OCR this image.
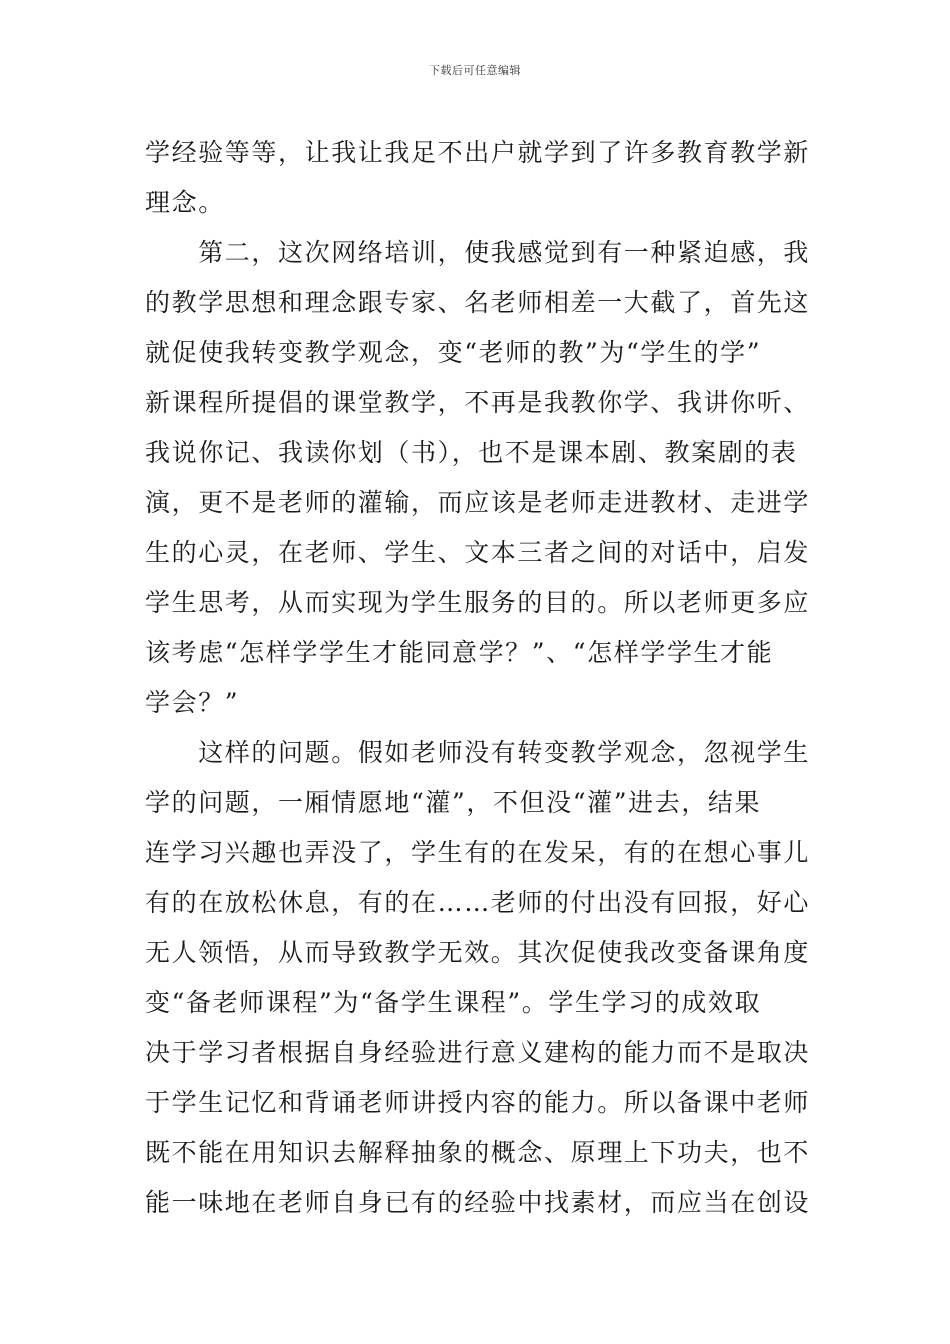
下载后可任意编辑
学经验等等，让我让我足不出户就学到了许多教育教学新
理念。
　　第二，这次网络培训，使我感觉到有一种紧迫感，我
的教学思想和理念跟专家、名老师相差一大截了，首先这
就促使我转变教学观念，变“老师的教”为“学生的学”
新课程所提倡的课堂教学，不再是我教你学、我讲你听、
我说你记、我读你划（书），也不是课本剧、教案剧的表
演，更不是老师的灌输，而应该是老师走进教材、走进学
生的心灵，在老师、学生、文本三者之间的对话中，启发
学生思考，从而实现为学生服务的目的。所以老师更多应
该考虑“怎样学学生才能同意学？”、“怎样学学生才能
学会？”
　　这样的问题。假如老师没有转变教学观念，忽视学生
学的问题，一厢情愿地“灌”，不但没“灌”进去，结果
连学习兴趣也弄没了，学生有的在发呆，有的在想心事儿
有的在放松休息，有的在……老师的付出没有回报，好心
无人领悟，从而导致教学无效。其次促使我改变备课角度
变“备老师课程”为“备学生课程”。学生学习的成效取
决于学习者根据自身经验进行意义建构的能力而不是取决
于学生记忆和背诵老师讲授内容的能力。所以备课中老师
既不能在用知识去解释抽象的概念、原理上下功夫，也不
能一味地在老师自身已有的经验中找素材，而应当在创设
